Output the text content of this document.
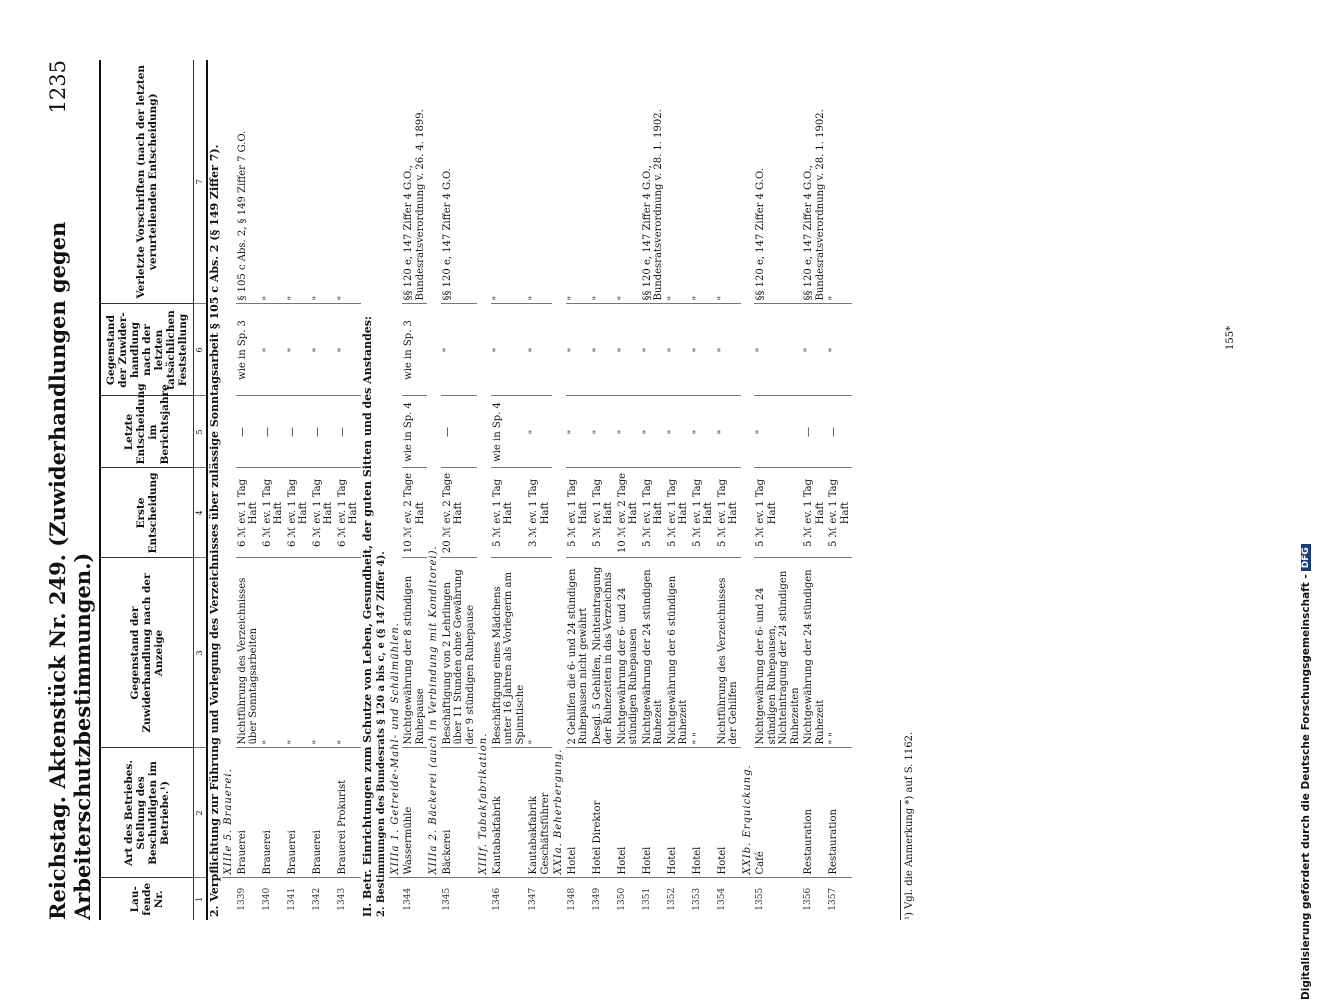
Reichstag. Aktenstück Nr. 249. (Zuwiderhandlungen gegen Arbeiterschutzbestimmungen.)
1235
Laufende Nr.	Art des Betriebes. Stellung des Beschuldigten im Betriebe.¹)	Gegenstand der Zuwiderhandlung nach der Anzeige	Erste Entscheidung	Letzte Entscheidung im Berichtsjahre	Gegenstand der Zuwiderhandlung nach der letzten tatsächlichen Feststellung	Verletzte Vorschriften (nach der letzten verurteilenden Entscheidung)
1	2	3	4	5	6	7
2. Verpflichtung zur Führung und Vorlegung des Verzeichnisses über zulässige Sonntagsarbeit § 105 c Abs. 2 (§ 149 Ziffer 7).						
	XIIIe 5. Brauerei.					
1339	Brauerei	Nichtführung des Verzeichnisses über Sonntagsarbeiten	6 ℳ ev. 1 Tag Haft	—	wie in Sp. 3	§ 105 c Abs. 2, § 149 Ziffer 7 G.O.
1340	Brauerei	"	6 ℳ ev. 1 Tag Haft	—	"	"
1341	Brauerei	"	6 ℳ ev. 1 Tag Haft	—	"	"
1342	Brauerei	"	6 ℳ ev. 1 Tag Haft	—	"	"
1343	Brauerei Prokurist	"	6 ℳ ev. 1 Tag Haft	—	"	"

II. Betr. Einrichtungen zum Schutze von Leben, Gesundheit, der guten Sitten und des Anstandes:						
2. Bestimmungen des Bundesrats § 120 a bis c, e (§ 147 Ziffer 4).						

	XIIIa 1. Getreide-Mahl- und Schälmühlen.					
1344	Wassermühle	Nichtgewährung der 8 stündigen Ruhepause	10 ℳ ev. 2 Tage Haft	wie in Sp. 4	wie in Sp. 3	§§ 120 e, 147 Ziffer 4 G.O., Bundesratsverordnung v. 26. 4. 1899.
	XIIIa 2. Bäckerei (auch in Verbindung mit Konditorei).					
1345	Bäckerei	Beschäftigung von 2 Lehrlingen über 11 Stunden ohne Gewährung der 9 stündigen Ruhepause	20 ℳ ev. 2 Tage Haft	—	"	§§ 120 e, 147 Ziffer 4 G.O.
	XIIIf. Tabakfabrikation.					
1346	Kautabakfabrik	Beschäftigung eines Mädchens unter 16 Jahren als Vorlegerin am Spinntische	5 ℳ ev. 1 Tag Haft	wie in Sp. 4	"	"
1347	Kautabakfabrik Geschäftsführer	"	3 ℳ ev. 1 Tag Haft	"	"	"
	XXIa. Beherbergung.					
1348	Hotel	2 Gehilfen die 6- und 24 stündigen Ruhepausen nicht gewährt	5 ℳ ev. 1 Tag Haft	"	"	"
1349	Hotel Direktor	Desgl. 5 Gehilfen, Nichteintragung der Ruhezeiten in das Verzeichnis	5 ℳ ev. 1 Tag Haft	"	"	"
1350	Hotel	Nichtgewährung der 6- und 24 stündigen Ruhepausen	10 ℳ ev. 2 Tage Haft	"	"	"
1351	Hotel	Nichtgewährung der 24 stündigen Ruhezeit	5 ℳ ev. 1 Tag Haft	"	"	§§ 120 e, 147 Ziffer 4 G.O., Bundesratsverordnung v. 28. 1. 1902.
1352	Hotel	Nichtgewährung der 6 stündigen Ruhezeit	5 ℳ ev. 1 Tag Haft	"	"	"
1353	Hotel	" "	5 ℳ ev. 1 Tag Haft	"	"	"
1354	Hotel	Nichtführung des Verzeichnisses der Gehilfen	5 ℳ ev. 1 Tag Haft	"	"	"
	XXIb. Erquickung.					
1355	Café	Nichtgewährung der 6- und 24 stündigen Ruhepausen, Nichteintragung der 24 stündigen Ruhezeiten	5 ℳ ev. 1 Tag Haft	"	"	§§ 120 e, 147 Ziffer 4 G.O.
1356	Restauration	Nichtgewährung der 24 stündigen Ruhezeit	5 ℳ ev. 1 Tag Haft	—	"	§§ 120 e, 147 Ziffer 4 G.O., Bundesratsverordnung v. 28. 1. 1902.
1357	Restauration	" "	5 ℳ ev. 1 Tag Haft	—	"	"
¹) Vgl. die Anmerkung *) auf S. 1162.
155*
Digitalisierung gefördert durch die Deutsche Forschungsgemeinschaft -
DFG
